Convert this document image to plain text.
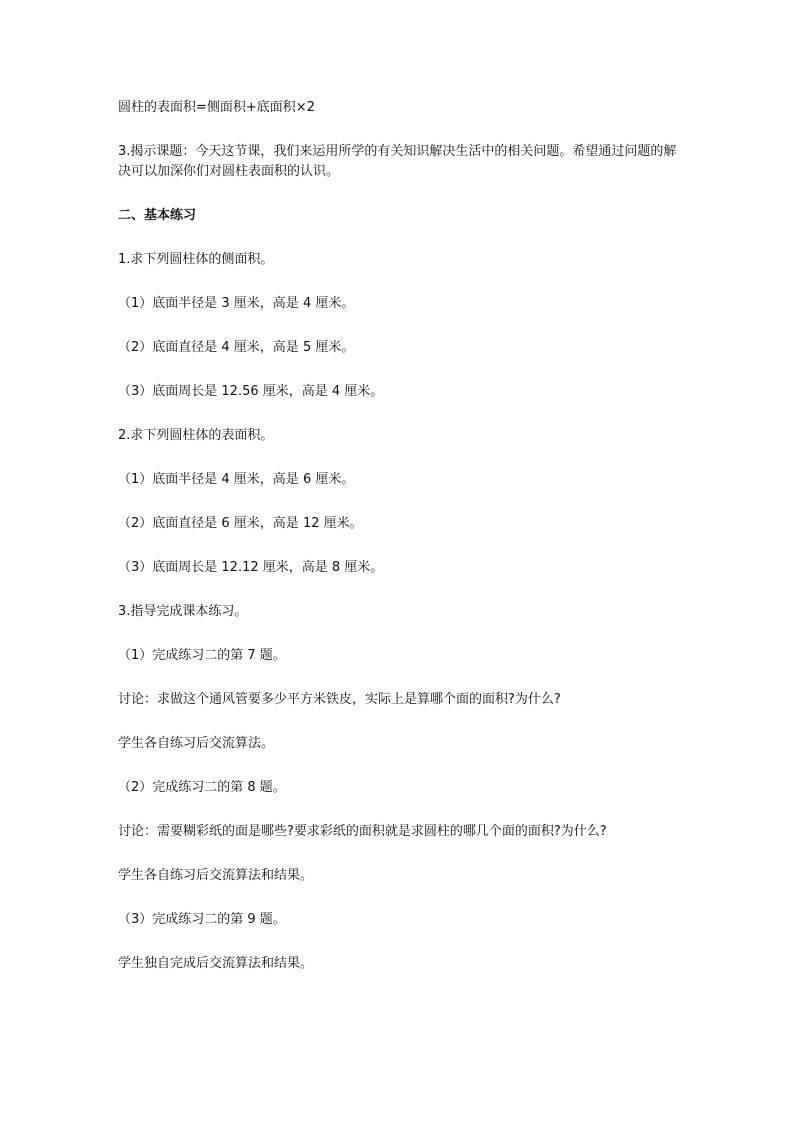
圆柱的表面积=侧面积+底面积×2

3.揭示课题：今天这节课，我们来运用所学的有关知识解决生活中的相关问题。希望通过问题的解决可以加深你们对圆柱表面积的认识。

二、基本练习

1.求下列圆柱体的侧面积。

（1）底面半径是 3 厘米，高是 4 厘米。

（2）底面直径是 4 厘米，高是 5 厘米。

（3）底面周长是 12.56 厘米，高是 4 厘米。

2.求下列圆柱体的表面积。

（1）底面半径是 4 厘米，高是 6 厘米。

（2）底面直径是 6 厘米，高是 12 厘米。

（3）底面周长是 12.12 厘米，高是 8 厘米。

3.指导完成课本练习。

（1）完成练习二的第 7 题。

讨论：求做这个通风管要多少平方米铁皮，实际上是算哪个面的面积?为什么?

学生各自练习后交流算法。

（2）完成练习二的第 8 题。

讨论：需要糊彩纸的面是哪些?要求彩纸的面积就是求圆柱的哪几个面的面积?为什么?

学生各自练习后交流算法和结果。

（3）完成练习二的第 9 题。

学生独自完成后交流算法和结果。
